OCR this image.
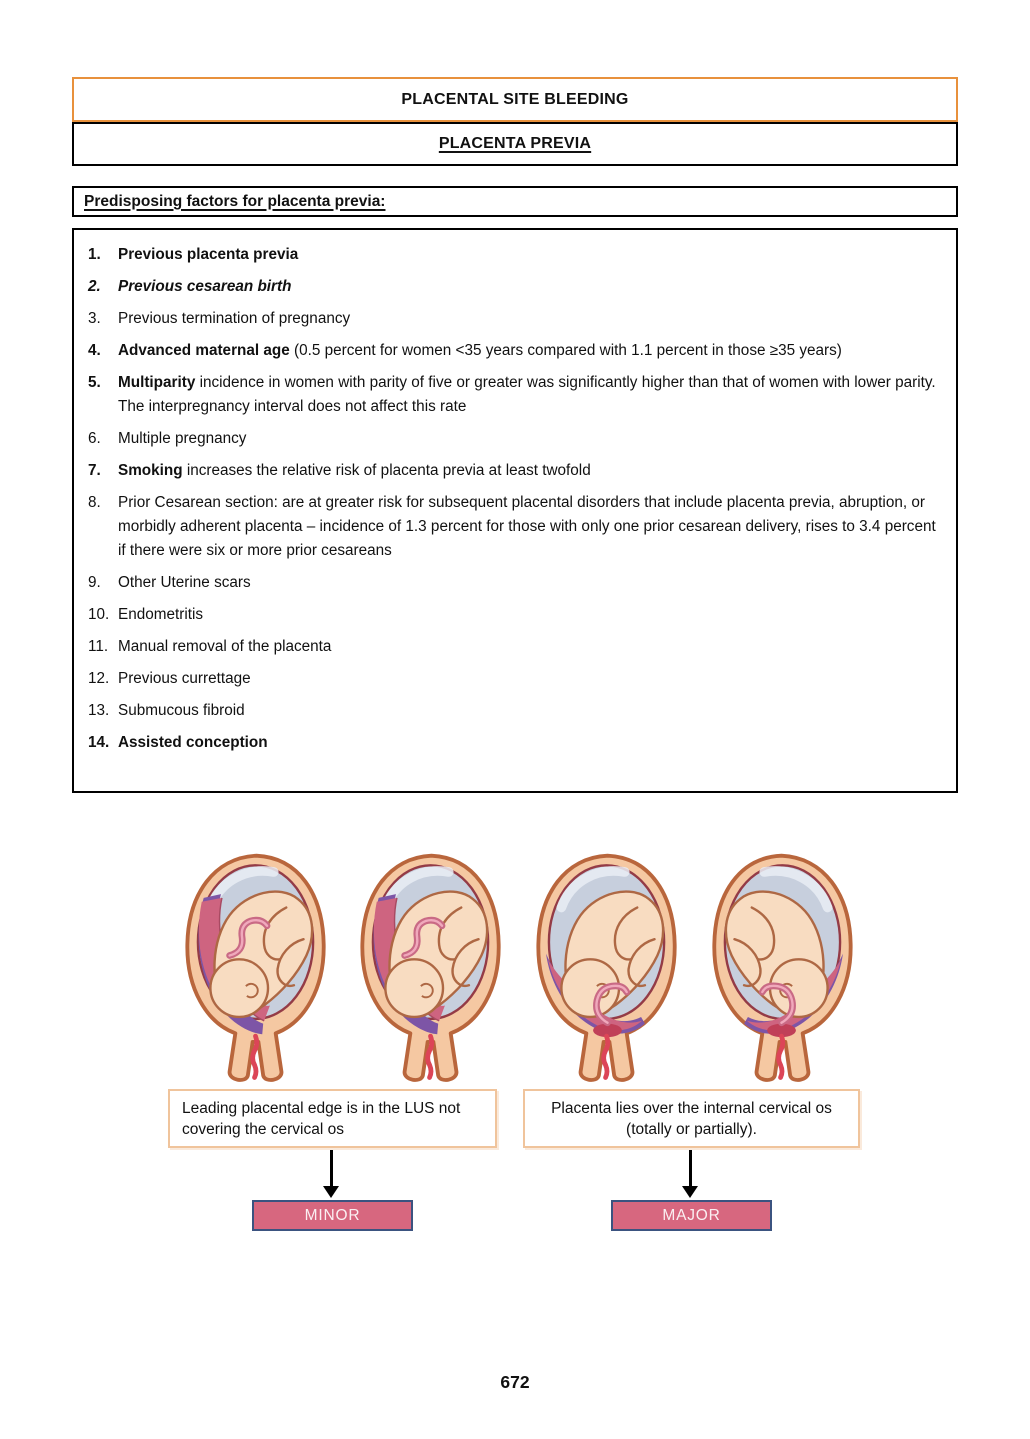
PLACENTAL SITE BLEEDING
PLACENTA PREVIA
Predisposing factors for placenta previa:
1.	Previous placenta previa
2.	Previous cesarean birth
3.	Previous termination of pregnancy
4.	Advanced maternal age (0.5 percent for women <35 years compared with 1.1 percent in those ≥35 years)
5.	Multiparity incidence in women with parity of five or greater was significantly higher than that of women with lower parity. The interpregnancy interval does not affect this rate
6.	Multiple pregnancy
7.	Smoking increases the relative risk of placenta previa at least twofold
8.	Prior Cesarean section: are at greater risk for subsequent placental disorders that include placenta previa, abruption, or morbidly adherent placenta – incidence of 1.3 percent for those with only one prior cesarean delivery, rises to 3.4 percent if there were six or more prior cesareans
9.	Other Uterine scars
10. Endometritis
11. Manual removal of the placenta
12. Previous currettage
13. Submucous fibroid
14. Assisted conception
Leading placental edge is in the LUS not covering the cervical os
Placenta lies over the internal cervical os (totally or partially).
MINOR	MAJOR
672
